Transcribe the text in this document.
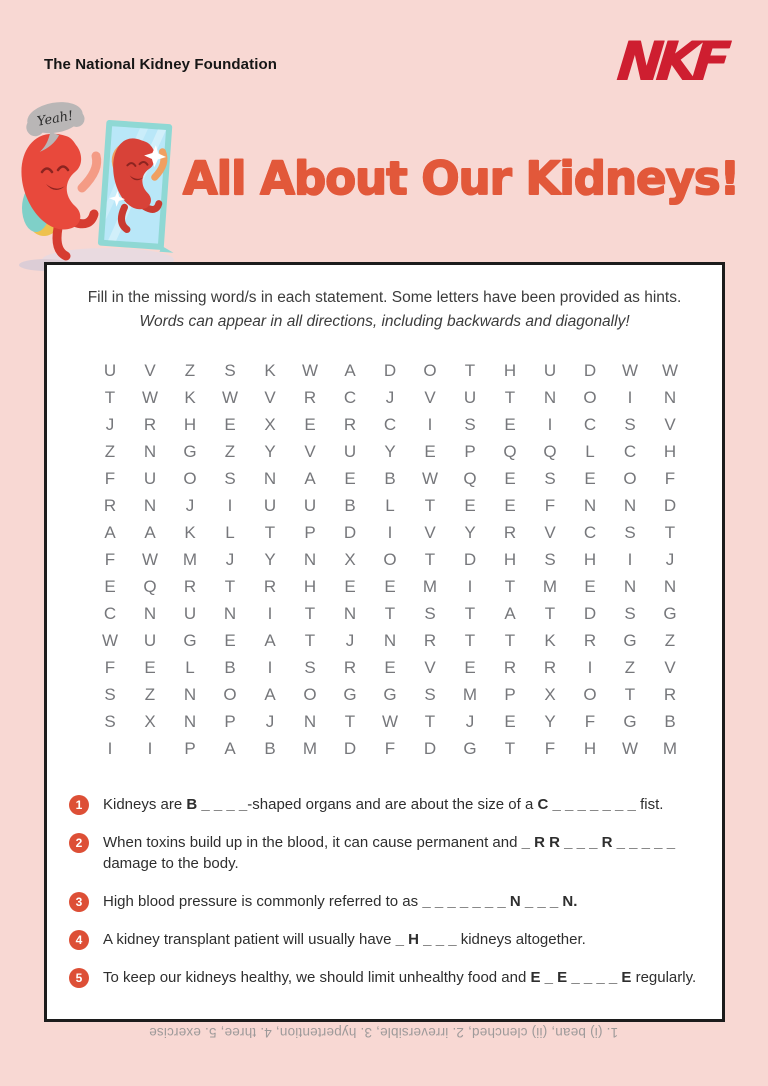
The National Kidney Foundation	NKF
Yeah!
All About Our Kidneys!
Fill in the missing word/s in each statement. Some letters have been provided as hints.
Words can appear in all directions, including backwards and diagonally!
U	V	Z	S	K	W	A	D	O	T	H	U	D	W	W
T	W	K	W	V	R	C	J	V	U	T	N	O	I	N
J	R	H	E	X	E	R	C	I	S	E	I	C	S	V
Z	N	G	Z	Y	V	U	Y	E	P	Q	Q	L	C	H
F	U	O	S	N	A	E	B	W	Q	E	S	E	O	F
R	N	J	I	U	U	B	L	T	E	E	F	N	N	D
A	A	K	L	T	P	D	I	V	Y	R	V	C	S	T
F	W	M	J	Y	N	X	O	T	D	H	S	H	I	J
E	Q	R	T	R	H	E	E	M	I	T	M	E	N	N
C	N	U	N	I	T	N	T	S	T	A	T	D	S	G
W	U	G	E	A	T	J	N	R	T	T	K	R	G	Z
F	E	L	B	I	S	R	E	V	E	R	R	I	Z	V
S	Z	N	O	A	O	G	G	S	M	P	X	O	T	R
S	X	N	P	J	N	T	W	T	J	E	Y	F	G	B
I	I	P	A	B	M	D	F	D	G	T	F	H	W	M
1	Kidneys are B _ _ _ _-shaped organs and are about the size of a C _ _ _ _ _ _ _ fist.
2	When toxins build up in the blood, it can cause permanent and _ R R _ _ _ R _ _ _ _ _ damage to the body.
3	High blood pressure is commonly referred to as _ _ _ _ _ _ _ N _ _ _ N.
4	A kidney transplant patient will usually have _ H _ _ _ kidneys altogether.
5	To keep our kidneys healthy, we should limit unhealthy food and E _ E _ _ _ _ E regularly.
1. (i) bean, (ii) clenched, 2. irreversible, 3. hypertention, 4. three, 5. exercise
